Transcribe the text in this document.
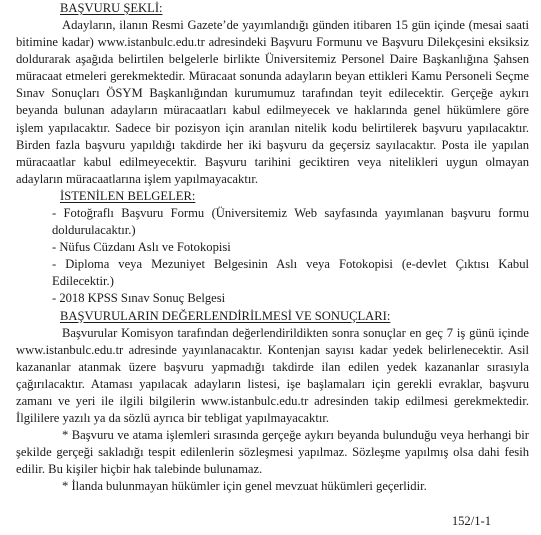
BAŞVURU ŞEKLİ:

Adayların, ilanın Resmi Gazete’de yayımlandığı günden itibaren 15 gün içinde (mesai saati bitimine kadar) www.istanbulc.edu.tr adresindeki Başvuru Formunu ve Başvuru Dilekçesini eksiksiz doldurarak aşağıda belirtilen belgelerle birlikte Üniversitemiz Personel Daire Başkanlığına Şahsen müracaat etmeleri gerekmektedir. Müracaat sonunda adayların beyan ettikleri Kamu Personeli Seçme Sınav Sonuçları ÖSYM Başkanlığından kurumumuz tarafından teyit edilecektir. Gerçeğe aykırı beyanda bulunan adayların müracaatları kabul edilmeyecek ve haklarında genel hükümlere göre işlem yapılacaktır. Sadece bir pozisyon için aranılan nitelik kodu belirtilerek başvuru yapılacaktır. Birden fazla başvuru yapıldığı takdirde her iki başvuru da geçersiz sayılacaktır. Posta ile yapılan müracaatlar kabul edilmeyecektir. Başvuru tarihini geciktiren veya nitelikleri uygun olmayan adayların müracaatlarına işlem yapılmayacaktır.

İSTENİLEN BELGELER:

- Fotoğraflı Başvuru Formu (Üniversitemiz Web sayfasında yayımlanan başvuru formu doldurulacaktır.)

- Nüfus Cüzdanı Aslı ve Fotokopisi

- Diploma veya Mezuniyet Belgesinin Aslı veya Fotokopisi (e-devlet Çıktısı Kabul Edilecektir.)

- 2018 KPSS Sınav Sonuç Belgesi

BAŞVURULARIN DEĞERLENDİRİLMESİ VE SONUÇLARI:

Başvurular Komisyon tarafından değerlendirildikten sonra sonuçlar en geç 7 iş günü içinde www.istanbulc.edu.tr adresinde yayınlanacaktır. Kontenjan sayısı kadar yedek belirlenecektir. Asil kazananlar atanmak üzere başvuru yapmadığı takdirde ilan edilen yedek kazananlar sırasıyla çağırılacaktır. Ataması yapılacak adayların listesi, işe başlamaları için gerekli evraklar, başvuru zamanı ve yeri ile ilgili bilgilerin www.istanbulc.edu.tr adresinden takip edilmesi gerekmektedir. İlgililere yazılı ya da sözlü ayrıca bir tebligat yapılmayacaktır.

* Başvuru ve atama işlemleri sırasında gerçeğe aykırı beyanda bulunduğu veya herhangi bir şekilde gerçeği sakladığı tespit edilenlerin sözleşmesi yapılmaz. Sözleşme yapılmış olsa dahi fesih edilir. Bu kişiler hiçbir hak talebinde bulunamaz.

* İlanda bulunmayan hükümler için genel mevzuat hükümleri geçerlidir.

152/1-1
